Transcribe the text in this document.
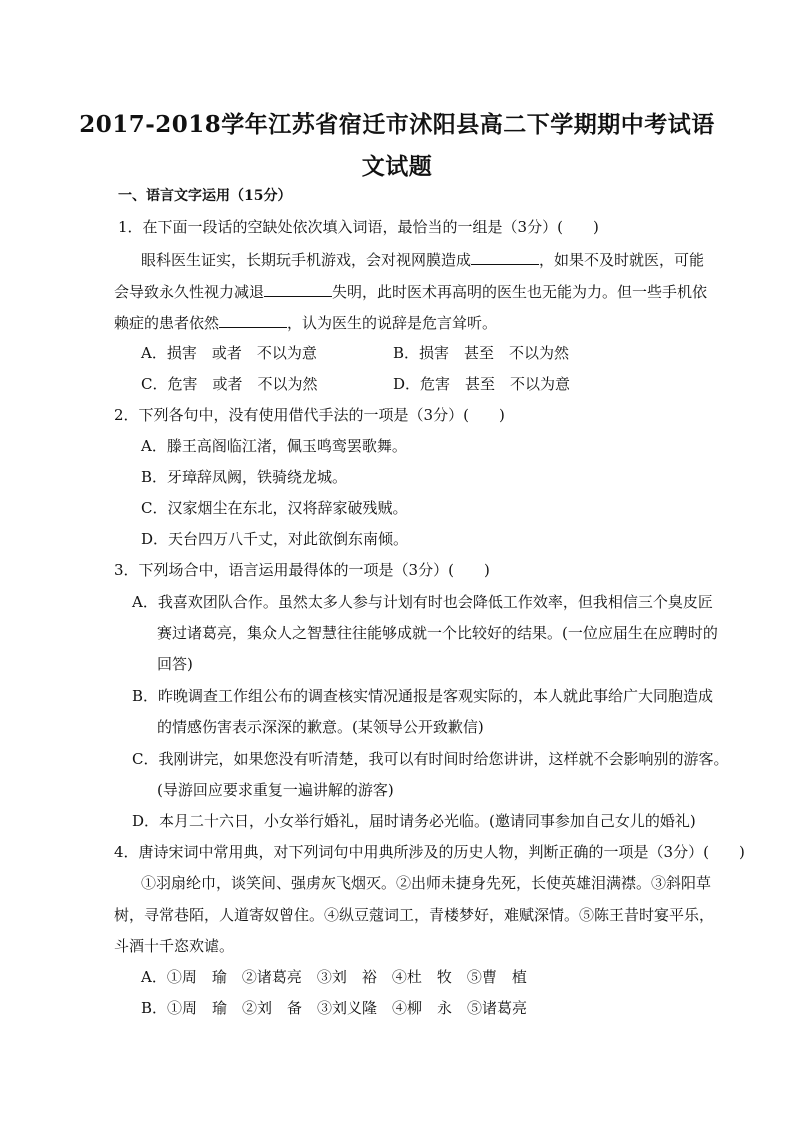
2017-2018学年江苏省宿迁市沭阳县高二下学期期中考试语
文试题
一、语言文字运用（15分）
1．在下面一段话的空缺处依次填入词语，最恰当的一组是（3分）(　　)
眼科医生证实，长期玩手机游戏，会对视网膜造成	，如果不及时就医，可能
会导致永久性视力减退	失明，此时医术再高明的医生也无能为力。但一些手机依
赖症的患者依然	，认为医生的说辞是危言耸听。
A．损害　或者　不以为意	B．损害　甚至　不以为然
C．危害　或者　不以为然	D．危害　甚至　不以为意
2．下列各句中，没有使用借代手法的一项是（3分）(　　)
A．滕王高阁临江渚，佩玉鸣鸾罢歌舞。
B．牙璋辞凤阙，铁骑绕龙城。
C．汉家烟尘在东北，汉将辞家破残贼。
D．天台四万八千丈，对此欲倒东南倾。
3．下列场合中，语言运用最得体的一项是（3分）(　　)
A．我喜欢团队合作。虽然太多人参与计划有时也会降低工作效率，但我相信三个臭皮匠
赛过诸葛亮，集众人之智慧往往能够成就一个比较好的结果。(一位应届生在应聘时的
回答)
B．昨晚调查工作组公布的调查核实情况通报是客观实际的，本人就此事给广大同胞造成
的情感伤害表示深深的歉意。(某领导公开致歉信)
C．我刚讲完，如果您没有听清楚，我可以有时间时给您讲讲，这样就不会影响别的游客。
(导游回应要求重复一遍讲解的游客)
D．本月二十六日，小女举行婚礼，届时请务必光临。(邀请同事参加自己女儿的婚礼)
4．唐诗宋词中常用典，对下列词句中用典所涉及的历史人物，判断正确的一项是（3分）(　　)
①羽扇纶巾，谈笑间、强虏灰飞烟灭。②出师未捷身先死，长使英雄泪满襟。③斜阳草
树，寻常巷陌，人道寄奴曾住。④纵豆蔻词工，青楼梦好，难赋深情。⑤陈王昔时宴平乐，
斗酒十千恣欢谑。
A．①周　瑜　②诸葛亮　③刘　裕　④杜　牧　⑤曹　植
B．①周　瑜　②刘　备　③刘义隆　④柳　永　⑤诸葛亮
